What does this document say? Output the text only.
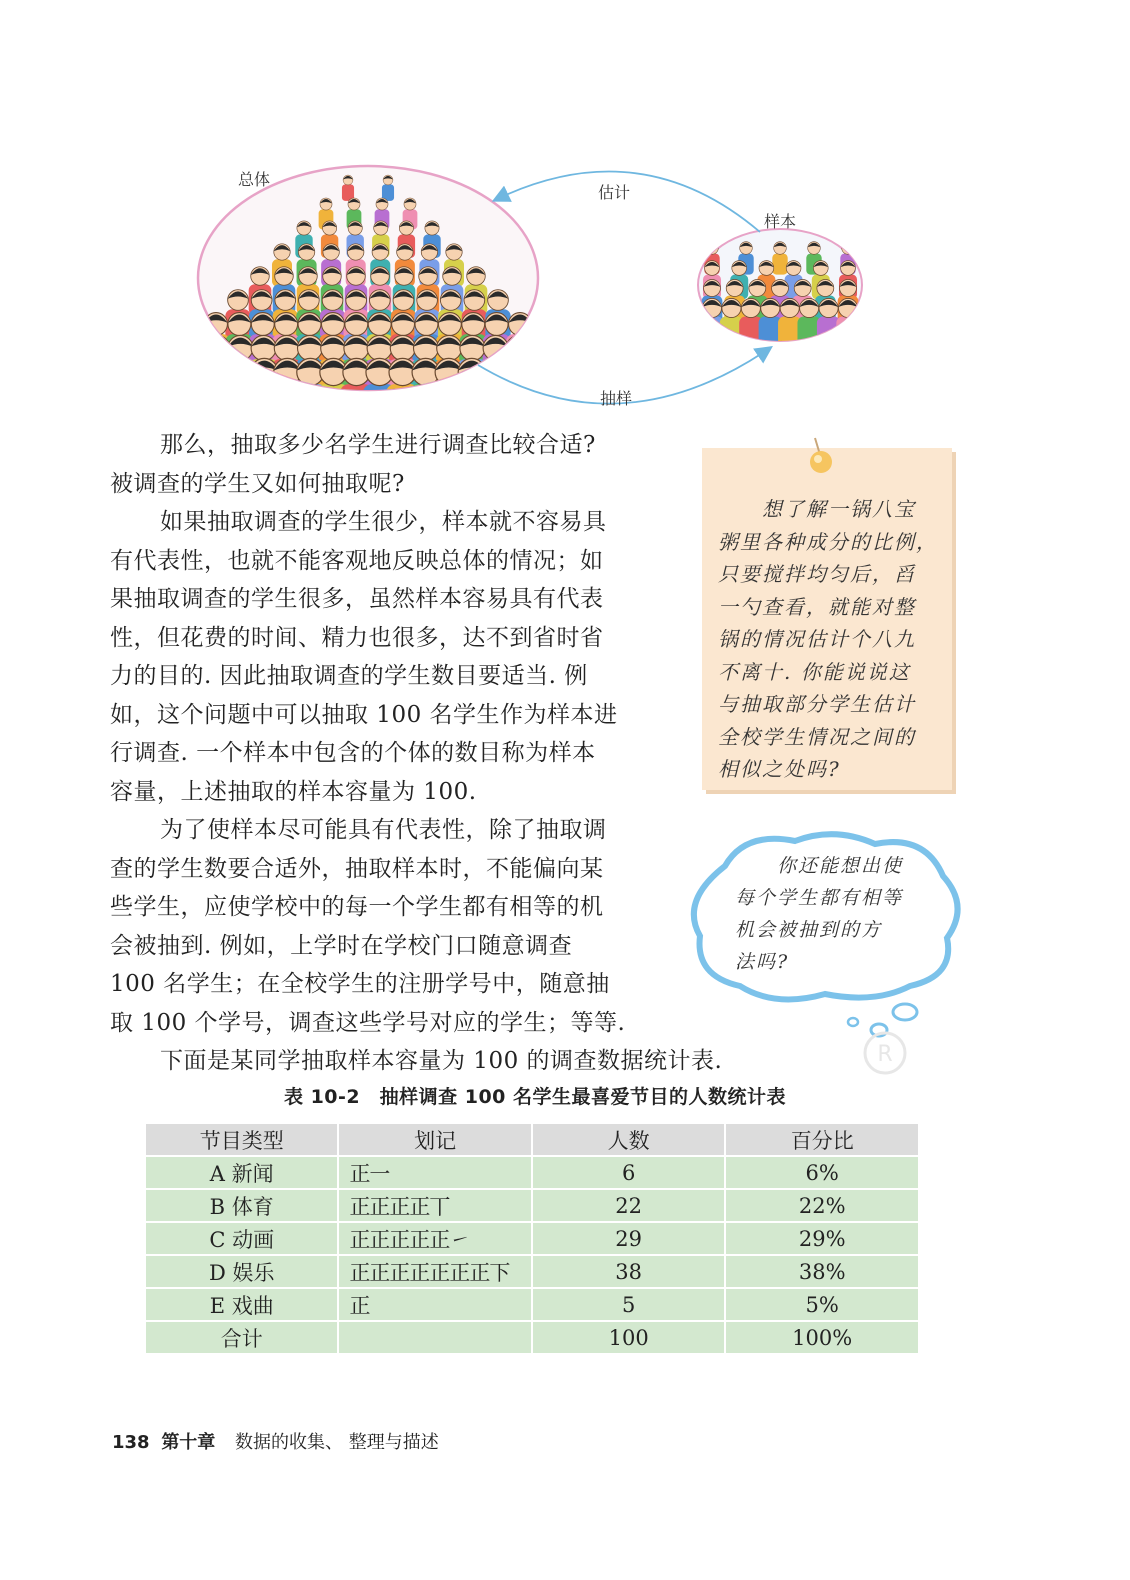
总体
估计
样本
抽样
那么，抽取多少名学生进行调查比较合适?
被调查的学生又如何抽取呢?
如果抽取调查的学生很少，样本就不容易具
有代表性，也就不能客观地反映总体的情况；如
果抽取调查的学生很多，虽然样本容易具有代表
性，但花费的时间、精力也很多，达不到省时省
力的目的. 因此抽取调查的学生数目要适当. 例
如，这个问题中可以抽取 100 名学生作为样本进
行调查. 一个样本中包含的个体的数目称为样本
容量，上述抽取的样本容量为 100.
为了使样本尽可能具有代表性，除了抽取调
查的学生数要合适外，抽取样本时，不能偏向某
些学生，应使学校中的每一个学生都有相等的机
会被抽到. 例如，上学时在学校门口随意调查
100 名学生；在全校学生的注册学号中，随意抽
取 100 个学号，调查这些学号对应的学生；等等.
下面是某同学抽取样本容量为 100 的调查数据统计表.
想了解一锅八宝
粥里各种成分的比例，
只要搅拌均匀后，舀
一勺查看，就能对整
锅的情况估计个八九
不离十. 你能说说这
与抽取部分学生估计
全校学生情况之间的
相似之处吗?
你还能想出使
每个学生都有相等
机会被抽到的方
法吗?
R
表 10-2　抽样调查 100 名学生最喜爱节目的人数统计表
节目类型	划记	人数	百分比
A 新闻	正一	6	6%
B 体育	正正正正丅	22	22%
C 动画	正正正正正㇀	29	29%
D 娱乐	正正正正正正正下	38	38%
E 戏曲	正	5	5%
合计		100	100%
138 第十章 数据的收集、 整理与描述
